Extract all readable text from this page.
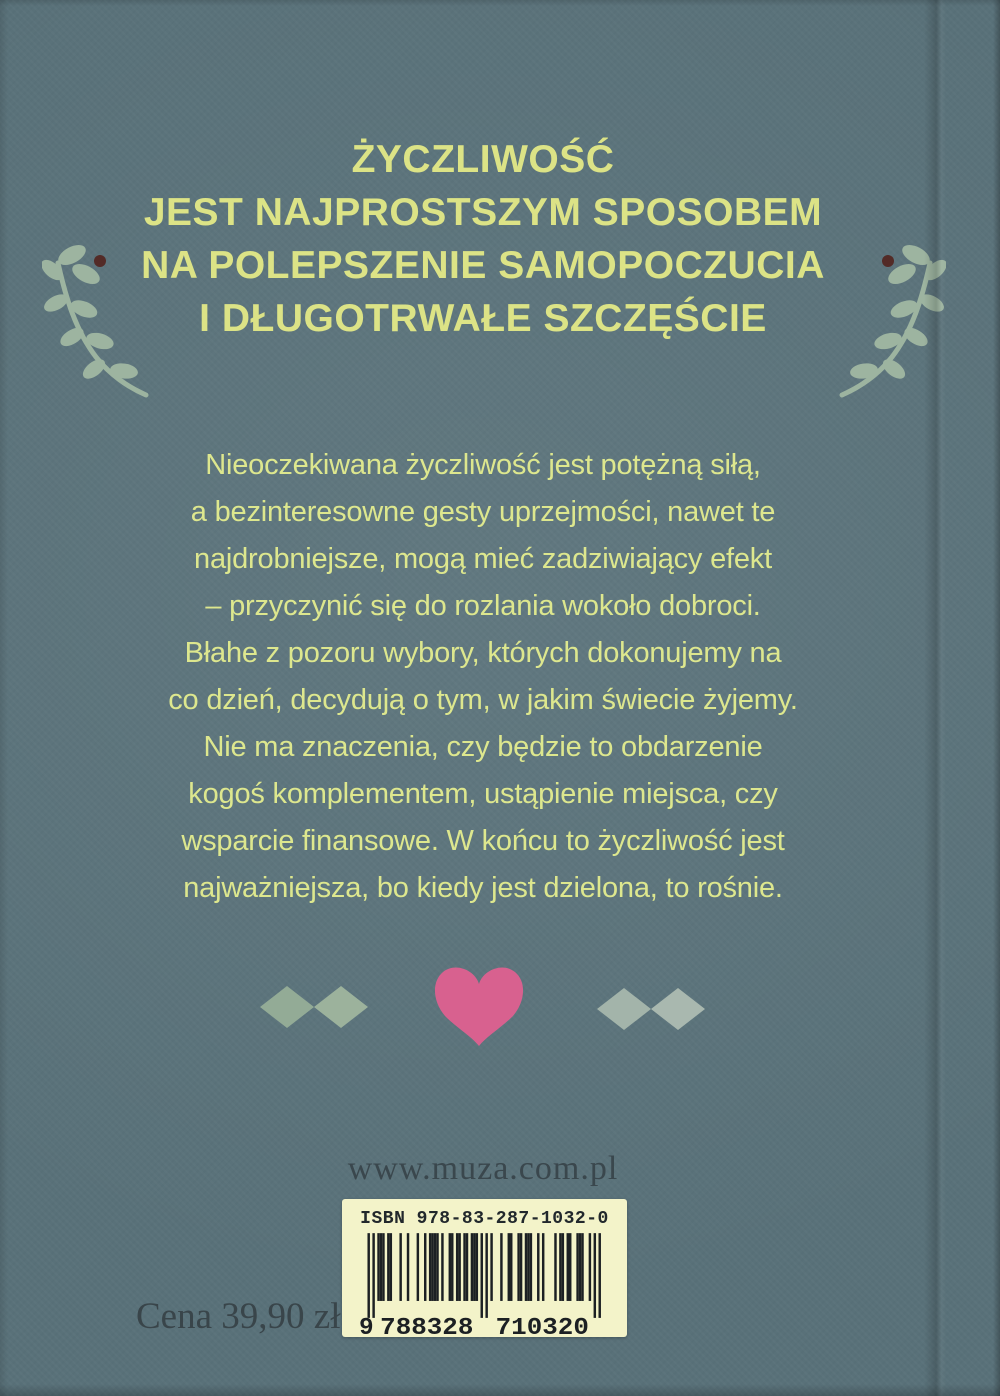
ŻYCZLIWOŚĆ
JEST NAJPROSTSZYM SPOSOBEM
NA POLEPSZENIE SAMOPOCZUCIA
I DŁUGOTRWAŁE SZCZĘŚCIE
Nieoczekiwana życzliwość jest potężną siłą,
a bezinteresowne gesty uprzejmości, nawet te
najdrobniejsze, mogą mieć zadziwiający efekt
– przyczynić się do rozlania wokoło dobroci.
Błahe z pozoru wybory, których dokonujemy na
co dzień, decydują o tym, w jakim świecie żyjemy.
Nie ma znaczenia, czy będzie to obdarzenie
kogoś komplementem, ustąpienie miejsca, czy
wsparcie finansowe. W końcu to życzliwość jest
najważniejsza, bo kiedy jest dzielona, to rośnie.
www.muza.com.pl
ISBN 978-83-287-1032-0
9 788328 710320
Cena 39,90 zł
